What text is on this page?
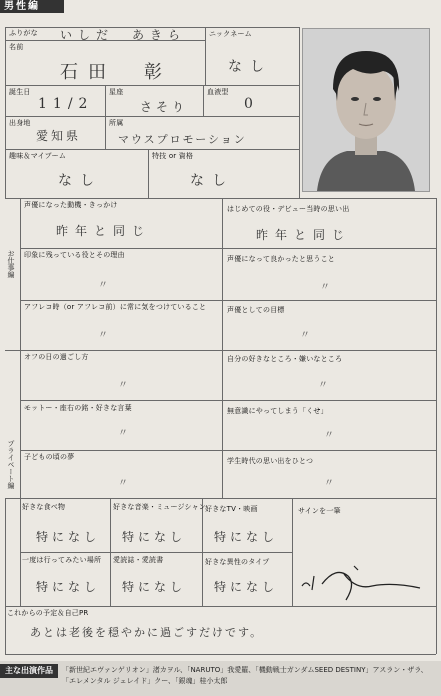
男性編
ふりがな いしだ　あきら
名前
石田　彰
ニックネーム
なし
誕生日
11/2
星座
さそり
血液型
0
出身地
愛知県
所属
マウスプロモーション
趣味＆マイブーム
なし
特技 or 資格
なし
お仕事編
声優になった動機・きっかけ
昨年と同じ
はじめての役・デビュー当時の思い出
昨年と同じ
印象に残っている役とその理由
〃
声優になって良かったと思うこと
〃
アフレコ時（or アフレコ前）に常に気をつけていること
〃
声優としての目標
〃
プライベート編
オフの日の過ごし方
〃
自分の好きなところ・嫌いなところ
〃
モットー・座右の銘・好きな言葉
〃
無意識にやってしまう「くせ」
〃
子どもの頃の夢
〃
学生時代の思い出をひとつ
〃
好きな食べ物
特になし
好きな音楽・ミュージシャン
特になし
好きなTV・映画
特になし
一度は行ってみたい場所
特になし
愛読誌・愛読書
特になし
好きな異性のタイプ
特になし
サインを一筆
これからの予定＆自己PR
あとは老後を穏やかに過ごすだけです。
主な出演作品	「新世紀エヴァンゲリオン」渚カヲル、「NARUTO」我愛羅、「機動戦士ガンダムSEED DESTINY」アスラン・ザラ、「エレメンタル ジェレイド」クー、「銀魂」桂小太郎
